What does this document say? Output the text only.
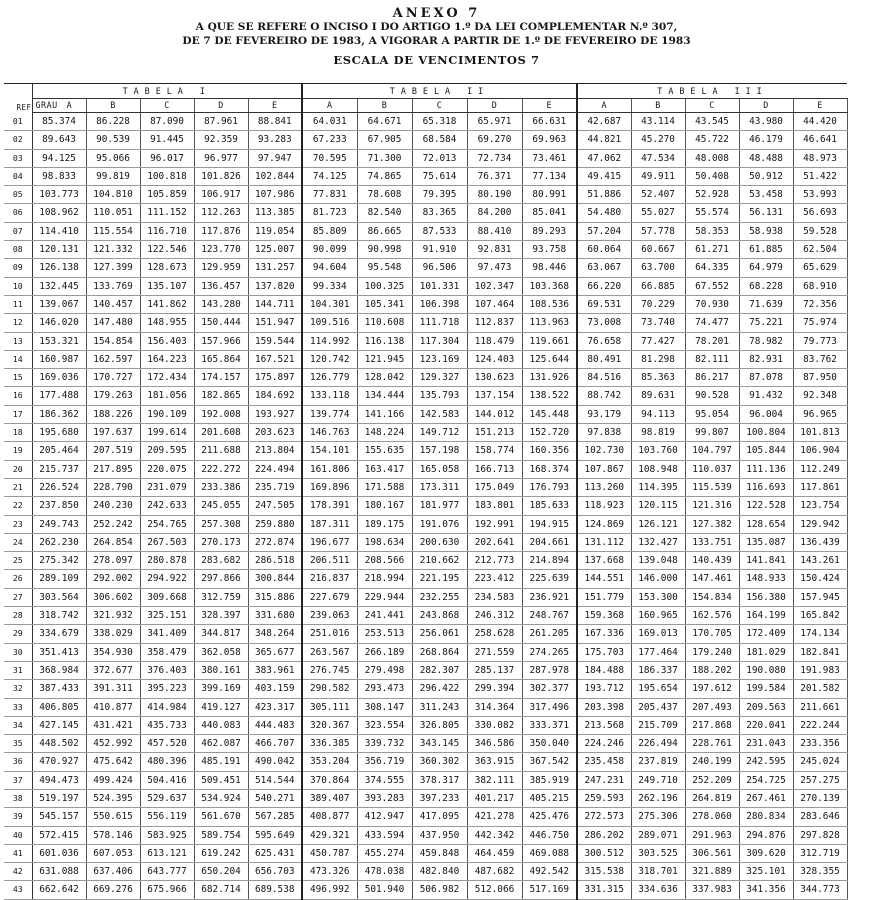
ANEXO 7
A QUE SE REFERE O INCISO I DO ARTIGO 1.º DA LEI COMPLEMENTAR N.º 307,
DE 7 DE FEVEREIRO DE 1983, A VIGORAR A PARTIR DE 1.º DE FEVEREIRO DE 1983
ESCALA DE VENCIMENTOS 7
REF	TABELA I					TABELA II					TABELA III				
	GRAU A	B	C	D	E	A	B	C	D	E	A	B	C	D	E
01	85.374	86.228	87.090	87.961	88.841	64.031	64.671	65.318	65.971	66.631	42.687	43.114	43.545	43.980	44.420
02	89.643	90.539	91.445	92.359	93.283	67.233	67.905	68.584	69.270	69.963	44.821	45.270	45.722	46.179	46.641
03	94.125	95.066	96.017	96.977	97.947	70.595	71.300	72.013	72.734	73.461	47.062	47.534	48.008	48.488	48.973
04	98.833	99.819	100.818	101.826	102.844	74.125	74.865	75.614	76.371	77.134	49.415	49.911	50.408	50.912	51.422
05	103.773	104.810	105.859	106.917	107.986	77.831	78.608	79.395	80.190	80.991	51.886	52.407	52.928	53.458	53.993
06	108.962	110.051	111.152	112.263	113.385	81.723	82.540	83.365	84.200	85.041	54.480	55.027	55.574	56.131	56.693
07	114.410	115.554	116.710	117.876	119.054	85.809	86.665	87.533	88.410	89.293	57.204	57.778	58.353	58.938	59.528
08	120.131	121.332	122.546	123.770	125.007	90.099	90.998	91.910	92.831	93.758	60.064	60.667	61.271	61.885	62.504
09	126.138	127.399	128.673	129.959	131.257	94.604	95.548	96.506	97.473	98.446	63.067	63.700	64.335	64.979	65.629
10	132.445	133.769	135.107	136.457	137.820	99.334	100.325	101.331	102.347	103.368	66.220	66.885	67.552	68.228	68.910
11	139.067	140.457	141.862	143.280	144.711	104.301	105.341	106.398	107.464	108.536	69.531	70.229	70.930	71.639	72.356
12	146.020	147.480	148.955	150.444	151.947	109.516	110.608	111.718	112.837	113.963	73.008	73.740	74.477	75.221	75.974
13	153.321	154.854	156.403	157.966	159.544	114.992	116.138	117.304	118.479	119.661	76.658	77.427	78.201	78.982	79.773
14	160.987	162.597	164.223	165.864	167.521	120.742	121.945	123.169	124.403	125.644	80.491	81.298	82.111	82.931	83.762
15	169.036	170.727	172.434	174.157	175.897	126.779	128.042	129.327	130.623	131.926	84.516	85.363	86.217	87.078	87.950
16	177.488	179.263	181.056	182.865	184.692	133.118	134.444	135.793	137.154	138.522	88.742	89.631	90.528	91.432	92.348
17	186.362	188.226	190.109	192.008	193.927	139.774	141.166	142.583	144.012	145.448	93.179	94.113	95.054	96.004	96.965
18	195.680	197.637	199.614	201.608	203.623	146.763	148.224	149.712	151.213	152.720	97.838	98.819	99.807	100.804	101.813
19	205.464	207.519	209.595	211.688	213.804	154.101	155.635	157.198	158.774	160.356	102.730	103.760	104.797	105.844	106.904
20	215.737	217.895	220.075	222.272	224.494	161.806	163.417	165.058	166.713	168.374	107.867	108.948	110.037	111.136	112.249
21	226.524	228.790	231.079	233.386	235.719	169.896	171.588	173.311	175.049	176.793	113.260	114.395	115.539	116.693	117.861
22	237.850	240.230	242.633	245.055	247.505	178.391	180.167	181.977	183.801	185.633	118.923	120.115	121.316	122.528	123.754
23	249.743	252.242	254.765	257.308	259.880	187.311	189.175	191.076	192.991	194.915	124.869	126.121	127.382	128.654	129.942
24	262.230	264.854	267.503	270.173	272.874	196.677	198.634	200.630	202.641	204.661	131.112	132.427	133.751	135.087	136.439
25	275.342	278.097	280.878	283.682	286.518	206.511	208.566	210.662	212.773	214.894	137.668	139.048	140.439	141.841	143.261
26	289.109	292.002	294.922	297.866	300.844	216.837	218.994	221.195	223.412	225.639	144.551	146.000	147.461	148.933	150.424
27	303.564	306.602	309.668	312.759	315.886	227.679	229.944	232.255	234.583	236.921	151.779	153.300	154.834	156.380	157.945
28	318.742	321.932	325.151	328.397	331.680	239.063	241.441	243.868	246.312	248.767	159.368	160.965	162.576	164.199	165.842
29	334.679	338.029	341.409	344.817	348.264	251.016	253.513	256.061	258.628	261.205	167.336	169.013	170.705	172.409	174.134
30	351.413	354.930	358.479	362.058	365.677	263.567	266.189	268.864	271.559	274.265	175.703	177.464	179.240	181.029	182.841
31	368.984	372.677	376.403	380.161	383.961	276.745	279.498	282.307	285.137	287.978	184.488	186.337	188.202	190.080	191.983
32	387.433	391.311	395.223	399.169	403.159	290.582	293.473	296.422	299.394	302.377	193.712	195.654	197.612	199.584	201.582
33	406.805	410.877	414.984	419.127	423.317	305.111	308.147	311.243	314.364	317.496	203.398	205.437	207.493	209.563	211.661
34	427.145	431.421	435.733	440.083	444.483	320.367	323.554	326.805	330.082	333.371	213.568	215.709	217.868	220.041	222.244
35	448.502	452.992	457.520	462.087	466.707	336.385	339.732	343.145	346.586	350.040	224.246	226.494	228.761	231.043	233.356
36	470.927	475.642	480.396	485.191	490.042	353.204	356.719	360.302	363.915	367.542	235.458	237.819	240.199	242.595	245.024
37	494.473	499.424	504.416	509.451	514.544	370.864	374.555	378.317	382.111	385.919	247.231	249.710	252.209	254.725	257.275
38	519.197	524.395	529.637	534.924	540.271	389.407	393.283	397.233	401.217	405.215	259.593	262.196	264.819	267.461	270.139
39	545.157	550.615	556.119	561.670	567.285	408.877	412.947	417.095	421.278	425.476	272.573	275.306	278.060	280.834	283.646
40	572.415	578.146	583.925	589.754	595.649	429.321	433.594	437.950	442.342	446.750	286.202	289.071	291.963	294.876	297.828
41	601.036	607.053	613.121	619.242	625.431	450.787	455.274	459.848	464.459	469.088	300.512	303.525	306.561	309.620	312.719
42	631.088	637.406	643.777	650.204	656.703	473.326	478.038	482.840	487.682	492.542	315.538	318.701	321.889	325.101	328.355
43	662.642	669.276	675.966	682.714	689.538	496.992	501.940	506.982	512.066	517.169	331.315	334.636	337.983	341.356	344.773
